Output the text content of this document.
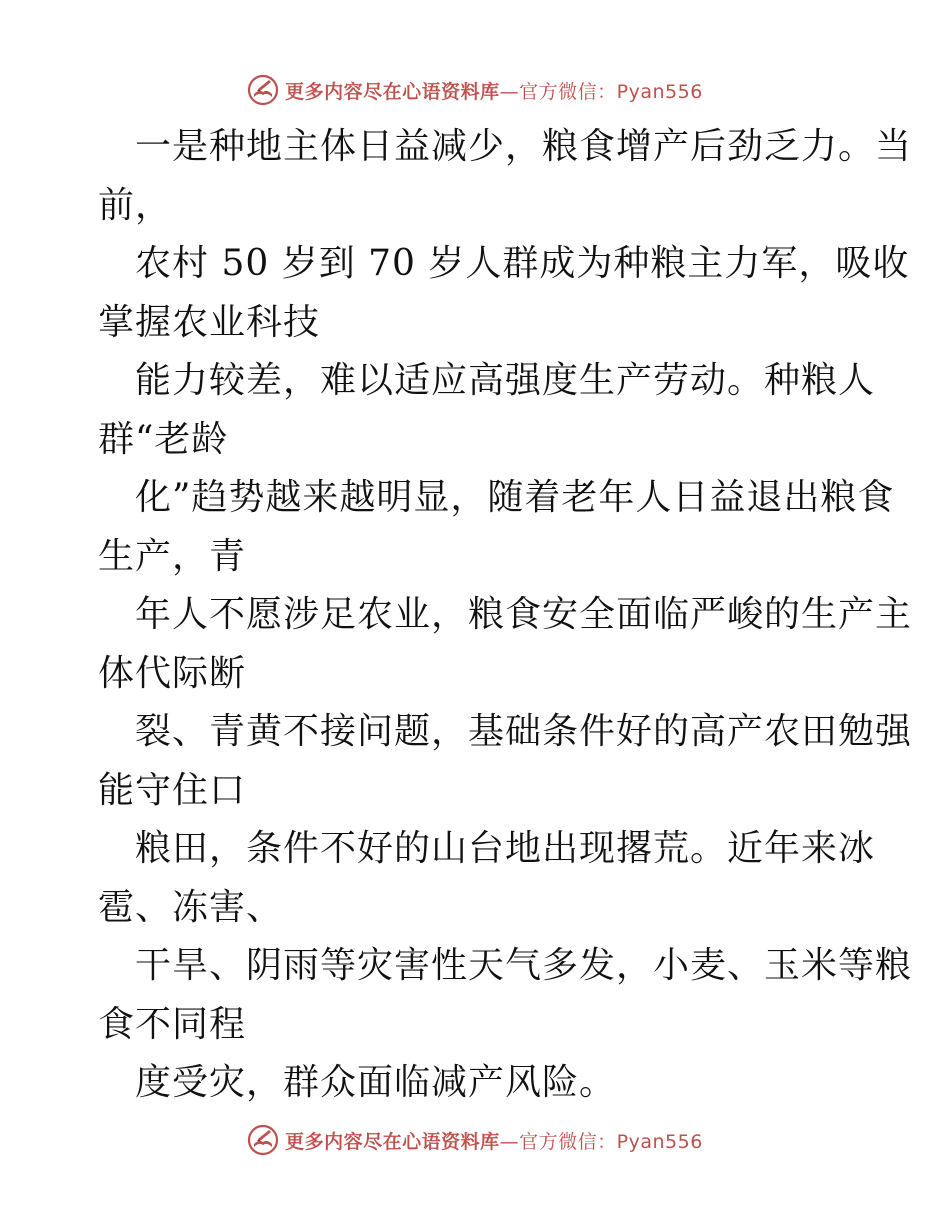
更多内容尽在心语资料库—官方微信：Pyan556
一是种地主体日益减少，粮食增产后劲乏力。当
前，
农村 50 岁到 70 岁人群成为种粮主力军，吸收
掌握农业科技
能力较差，难以适应高强度生产劳动。种粮人
群“老龄
化”趋势越来越明显，随着老年人日益退出粮食
生产，青
年人不愿涉足农业，粮食安全面临严峻的生产主
体代际断
裂、青黄不接问题，基础条件好的高产农田勉强
能守住口
粮田，条件不好的山台地出现撂荒。近年来冰
雹、冻害、
干旱、阴雨等灾害性天气多发，小麦、玉米等粮
食不同程
度受灾，群众面临减产风险。
更多内容尽在心语资料库—官方微信：Pyan556
